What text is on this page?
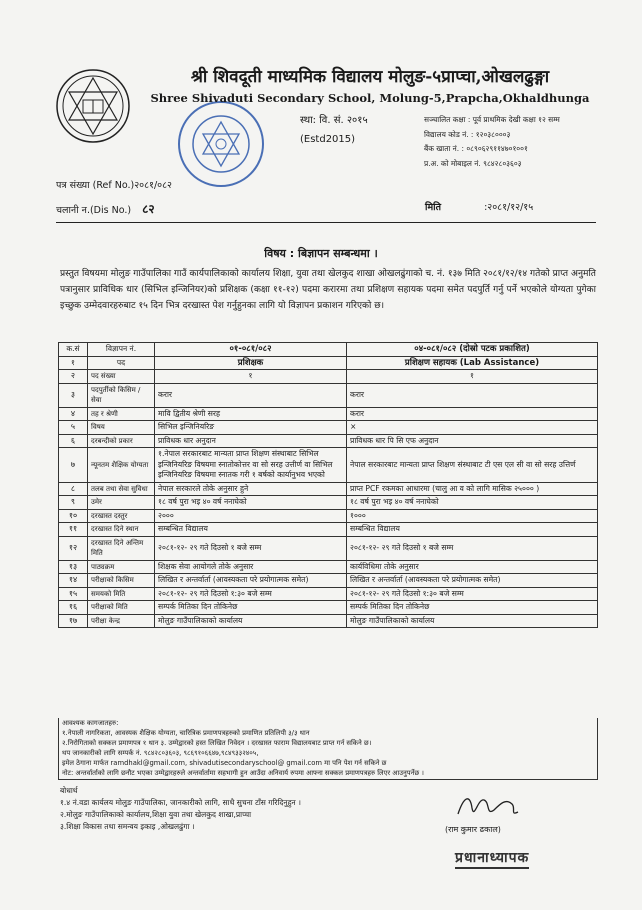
श्री शिवदूती माध्यमिक विद्यालय मोलुङ-५प्राप्चा,ओखलढुङ्गा
Shree Shivaduti Secondary School, Molung-5,Prapcha,Okhaldhunga
स्था: वि. सं. २०१५
(Estd2015)
सञ्चालित कक्षा : पूर्व प्राथमिक देखी कक्षा १२ सम्म
विद्यालय कोड नं. : १२०३८०००३
बैंक खाता नं. : ०८९०६२९११४७०१००१
प्र.अ. को मोबाइल नं. ९८४२८०३६०३
पत्र संख्या (Ref No.)२०८१/०८२
चलानी न.(Dis No.) ८२	मिति	:२०८१/१२/१५
विषय : बिज्ञापन सम्बन्धमा ।
प्रस्तुत विषयमा मोलुङ गाउँपालिका गाउँ कार्यपालिकाको कार्यालय शिक्षा, युवा तथा खेलकुद शाखा ओखलढुंगाको च. नं. १३७ मिति २०८१/१२/१४ गतेको प्राप्त अनुमति पत्रानुसार प्राविधिक धार (सिभिल इन्जिनियर)को प्रशिक्षक (कक्षा ११-१२) पदमा करारमा तथा प्रशिक्षण सहायक पदमा समेत पदपुर्ति गर्नु पर्ने भएकोले योग्यता पुगेका इच्छुक उम्मेदवारहरुबाट १५ दिन भित्र दरखास्त पेश गर्नुहुनका लागि यो विज्ञापन प्रकाशन गरिएको छ।
क.सं	विज्ञापन नं.	०१-०८१/०८२	०४-०८१/०८२ (दोस्रो पटक प्रकाशित)
१	पद	प्रशिक्षक	प्रशिक्षण सहायक (Lab Assistance)
२	पद संख्या	१	१
३	पदपुर्तीको किसिम / सेवा	करार	करार
४	तह र श्रेणी	मावि द्वितीय श्रेणी सरह	करार
५	विषय	सिभिल इन्जिनियरिङ	×
६	दरबन्दीको प्रकार	प्राविधक धार अनुदान	प्राविधक धार पि सि एफ अनुदान
७	न्यूनतम शैक्षिक योग्यता	१.नेपाल सरकारबाट मान्यता प्राप्त शिक्षण संस्थाबाट सिभिल इन्जिनियरिङ विषयमा स्नातोकोत्तर वा सो सरह उत्तीर्ण वा सिभिल इन्जिनियरिङ विषयमा स्नातक गरी १ बर्षको कार्यानुभव भएको	नेपाल सरकारबाट मान्यता प्राप्त शिक्षण संस्थाबाट टी एस एल सी वा सो सरह उत्तिर्ण
८	तलब तथा सेवा सुविधा	नेपाल सरकारले तोके अनुसार हुने	प्राप्त PCF रकमका आधारमा (चालु आ व को लागि मासिक २५००० )
९	उमेर	१८ वर्ष पुरा भइ ४० वर्ष ननाघेको	१८ वर्ष पुरा भइ ४० वर्ष ननाघेको
१०	दरखास्त दस्तुर	२०००	१०००
११	दरखास्त दिने स्थान	सम्बन्धित विद्यालय	सम्बन्धित विद्यालय
१२	दरखास्त दिने अन्तिम मिति	२०८१-१२- २९ गते दिउसो १ बजे सम्म	२०८१-१२- २९ गते दिउसो १ बजे सम्म
१३	पाठ्यक्रम	शिक्षक सेवा आयोगले तोके अनुसार	कार्यविधिमा तोके अनुसार
१४	परीक्षाको किसिम	लिखित र अन्तर्वार्ता (आवस्यकता परे प्रयोगात्मक समेत)	लिखित र अन्तर्वार्ता (आवस्यकता परे प्रयोगात्मक समेत)
१५	समयको मिति	२०८१-१२- २९ गते दिउसो १:३० बजे सम्म	२०८१-१२- २९ गते दिउसो १:३० बजे सम्म
१६	परीक्षाको मिति	सम्पर्क मितिका दिन तोकिनेछ	सम्पर्क मितिका दिन तोकिनेछ
१७	परीक्षा केन्द्र	मोलुङ गाउँपालिकाको कार्यालय	मोलुङ गाउँपालिकाको कार्यालय
आवश्यक कागजातहरु:
१.नेपाली नागरिकता, आवस्यक शैक्षिक योग्यता, चारित्रिक प्रमाणपत्रहरुको प्रमाणित प्रतिलिपी ३/३ थान
२.निरोगिताको सक्कल प्रमाणपत्र १ थान ३. उम्मेद्वारको हस्त लिखित निवेदन । दरखास्त फाराम विद्यालयबाट प्राप्त गर्न सकिने छ।
थप जानकारीको लागि सम्पर्क नं. ९८४२८०३६०३, ९८६९१०६६४७,९८४९३३२४०५,
इमेल ठेगाना मार्फत ramdhakl@gmail.com, shivadutisecondaryschool@ gmail.com मा पनि पेश गर्न सकिने छ
नोट: अन्तर्वार्ताको लागि छनौट भएका उम्मेद्वारहरुले अन्तर्वार्तामा सहभागी हुन आउँदा अनिवार्य रुपमा आफ्ना सक्कल प्रमाणपत्रहरु लिएर आउनुपर्नेछ ।
बोधार्थ
१.४ नं.वडा कार्यलय मोलुङ गाउँपालिका, जानकारीको लागि, साथै सुचना टाँस गरिदिनुहुन ।
२.मोलुङ गाउँपालिकाको कार्यालय,शिक्षा युवा तथा खेलकुद शाखा,प्राप्चा
३.शिक्षा विकास तथा समन्वय इकाइ ,ओखलढुंगा ।	(राम कुमार ढकाल)
प्रधानाध्यापक
